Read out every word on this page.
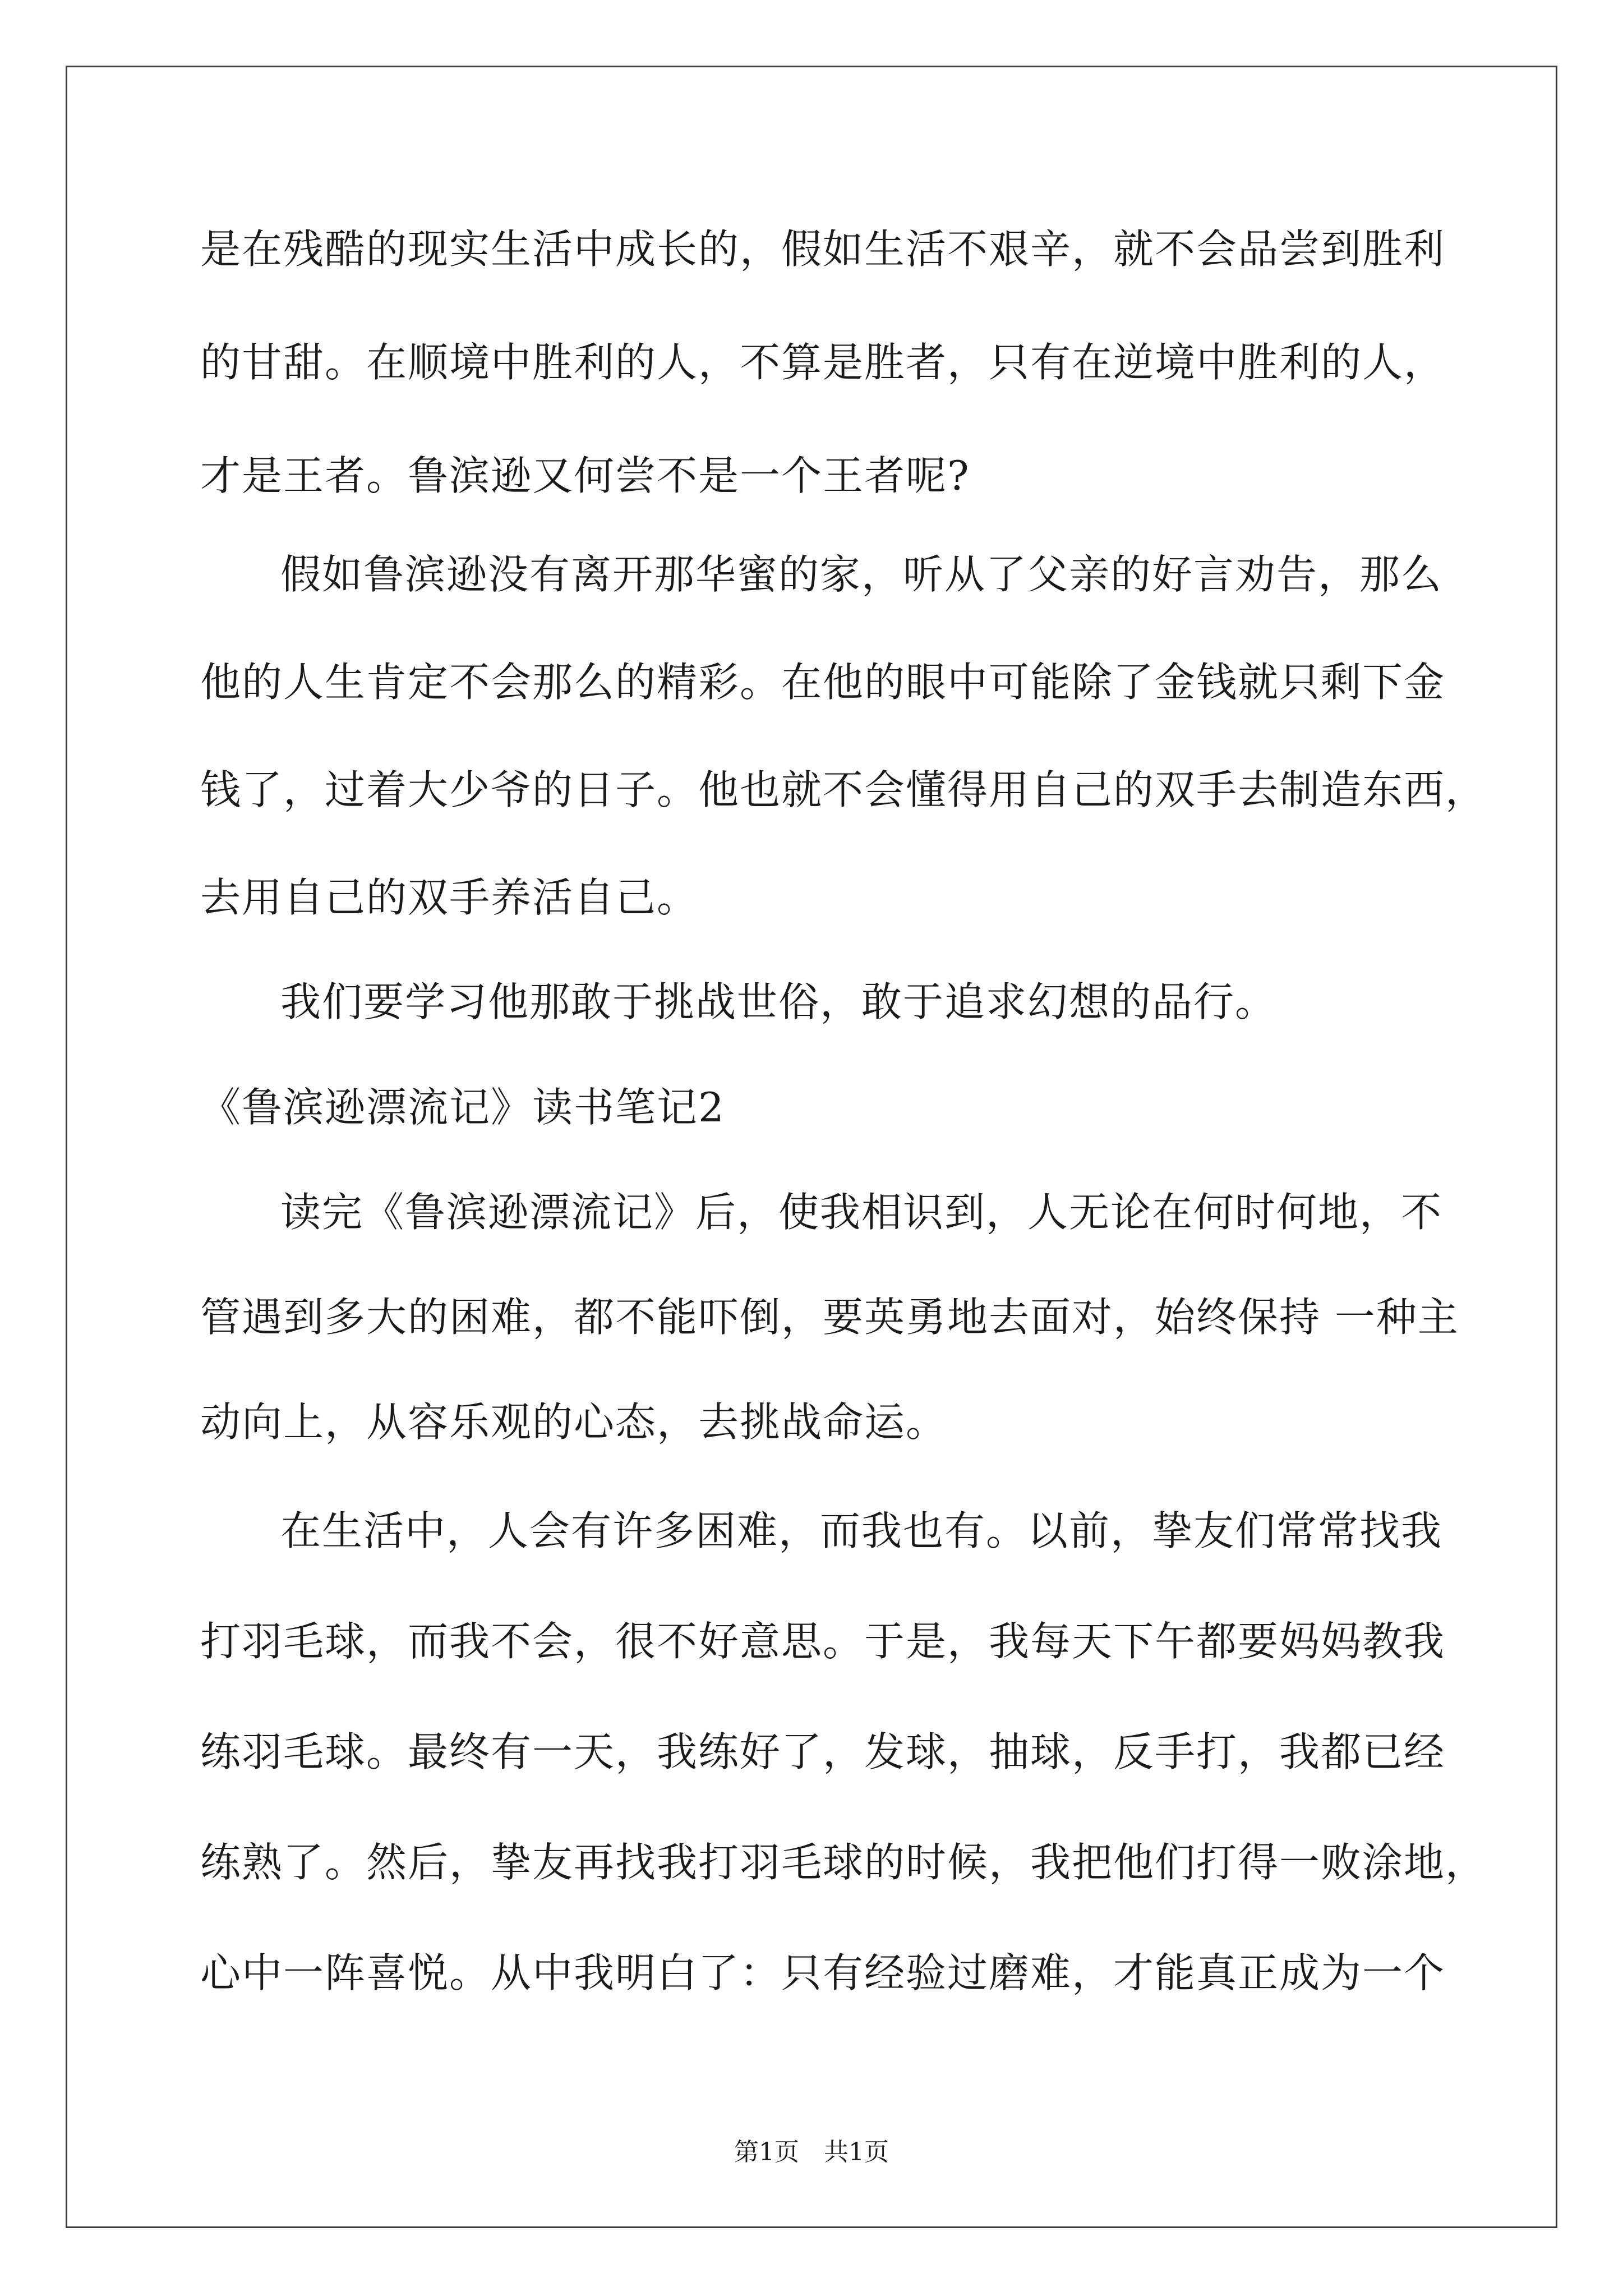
是在残酷的现实生活中成长的，假如生活不艰辛，就不会品尝到胜利

的甘甜。在顺境中胜利的人，不算是胜者，只有在逆境中胜利的人，

才是王者。鲁滨逊又何尝不是一个王者呢?

假如鲁滨逊没有离开那华蜜的家，听从了父亲的好言劝告，那么

他的人生肯定不会那么的精彩。在他的眼中可能除了金钱就只剩下金

钱了，过着大少爷的日子。他也就不会懂得用自己的双手去制造东西，

去用自己的双手养活自己。

我们要学习他那敢于挑战世俗，敢于追求幻想的品行。

《鲁滨逊漂流记》读书笔记2

读完《鲁滨逊漂流记》后，使我相识到，人无论在何时何地，不

管遇到多大的困难，都不能吓倒，要英勇地去面对，始终保持 一种主

动向上，从容乐观的心态，去挑战命运。

在生活中，人会有许多困难，而我也有。以前，挚友们常常找我

打羽毛球，而我不会，很不好意思。于是，我每天下午都要妈妈教我

练羽毛球。最终有一天，我练好了，发球，抽球，反手打，我都已经

练熟了。然后，挚友再找我打羽毛球的时候，我把他们打得一败涂地，

心中一阵喜悦。从中我明白了：只有经验过磨难，才能真正成为一个

第1页　共1页
